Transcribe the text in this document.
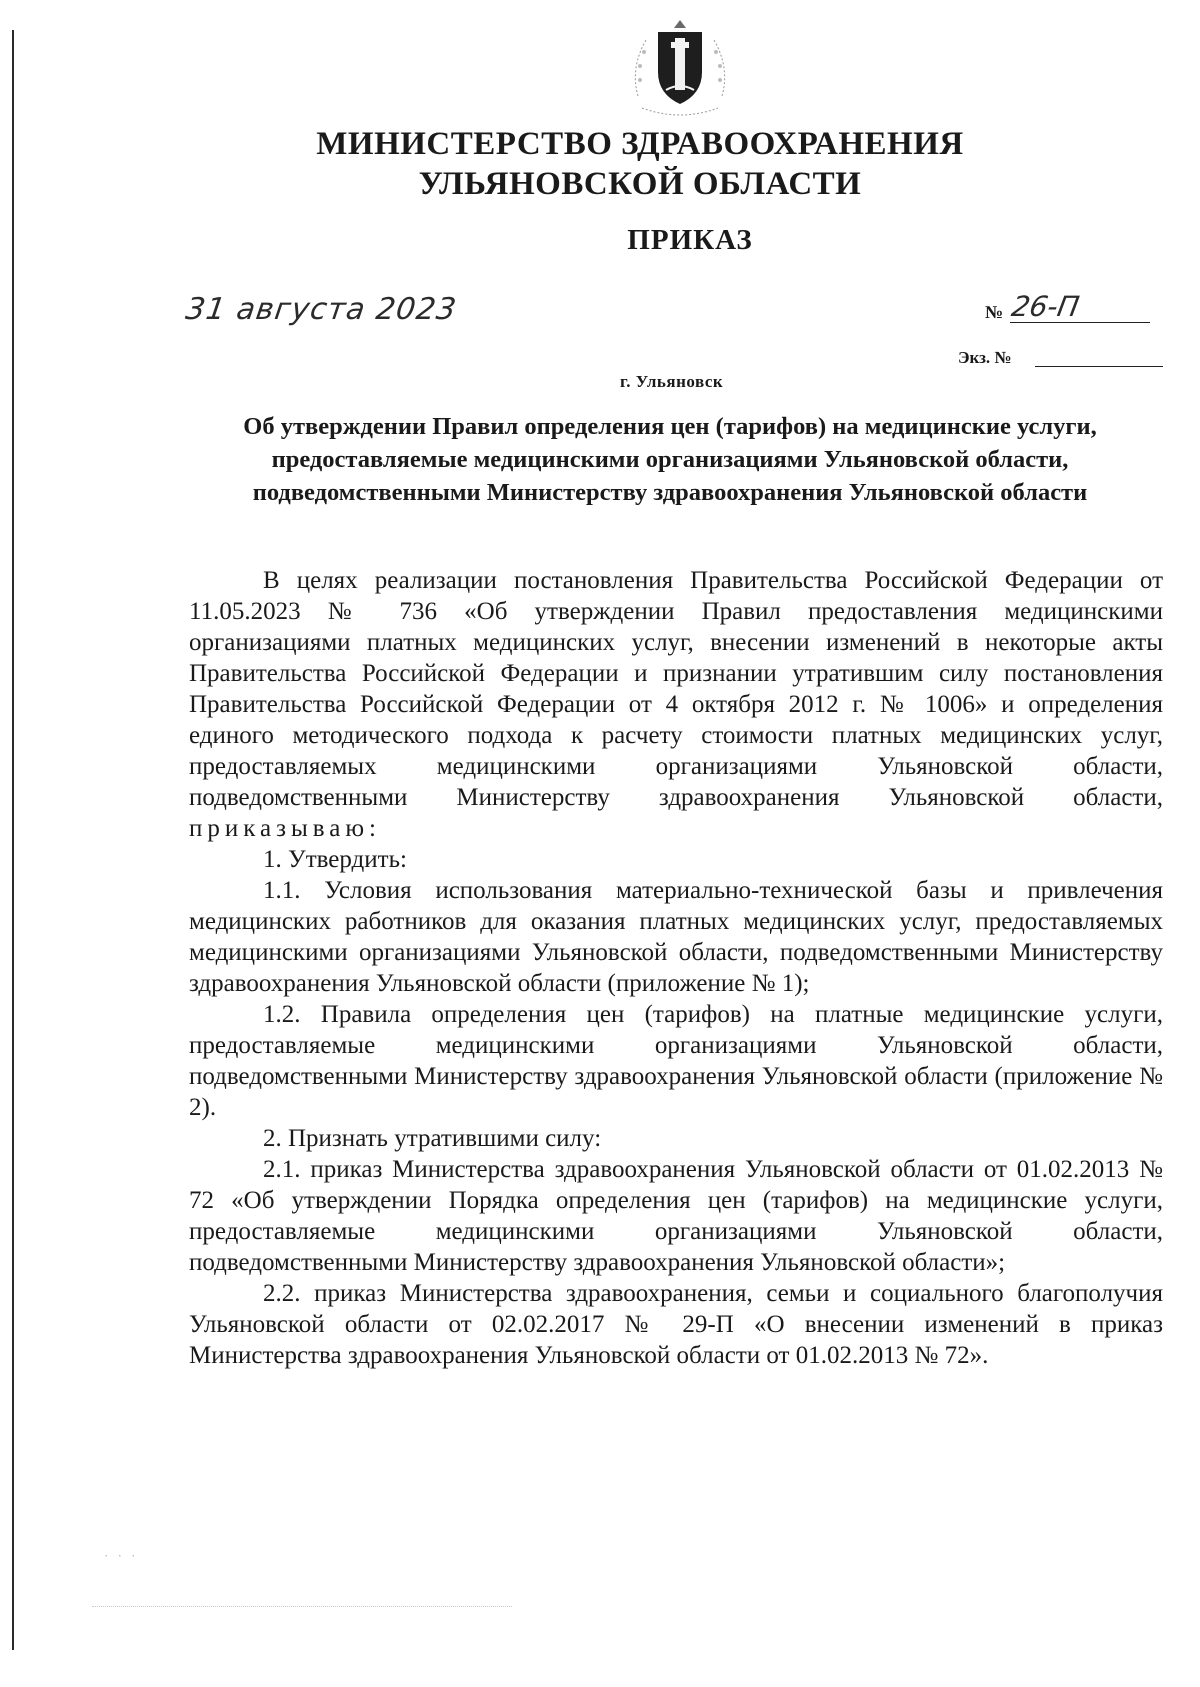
МИНИСТЕРСТВО ЗДРАВООХРАНЕНИЯ
УЛЬЯНОВСКОЙ ОБЛАСТИ
ПРИКАЗ
31 августа 2023	№ 26-П
Экз. №
г. Ульяновск
Об утверждении Правил определения цен (тарифов) на медицинские услуги, предоставляемые медицинскими организациями Ульяновской области, подведомственными Министерству здравоохранения Ульяновской области

В целях реализации постановления Правительства Российской Федерации от 11.05.2023 № 736 «Об утверждении Правил предоставления медицинскими организациями платных медицинских услуг, внесении изменений в некоторые акты Правительства Российской Федерации и признании утратившим силу постановления Правительства Российской Федерации от 4 октября 2012 г. № 1006» и определения единого методического подхода к расчету стоимости платных медицинских услуг, предоставляемых медицинскими организациями Ульяновской области, подведомственными Министерству здравоохранения Ульяновской области, приказываю:

1. Утвердить:

1.1. Условия использования материально-технической базы и привлечения медицинских работников для оказания платных медицинских услуг, предоставляемых медицинскими организациями Ульяновской области, подведомственными Министерству здравоохранения Ульяновской области (приложение № 1);

1.2. Правила определения цен (тарифов) на платные медицинские услуги, предоставляемые медицинскими организациями Ульяновской области, подведомственными Министерству здравоохранения Ульяновской области (приложение № 2).

2. Признать утратившими силу:

2.1. приказ Министерства здравоохранения Ульяновской области от 01.02.2013 № 72 «Об утверждении Порядка определения цен (тарифов) на медицинские услуги, предоставляемые медицинскими организациями Ульяновской области, подведомственными Министерству здравоохранения Ульяновской области»;

2.2. приказ Министерства здравоохранения, семьи и социального благополучия Ульяновской области от 02.02.2017 № 29-П «О внесении изменений в приказ Министерства здравоохранения Ульяновской области от 01.02.2013 № 72».

· · ·
